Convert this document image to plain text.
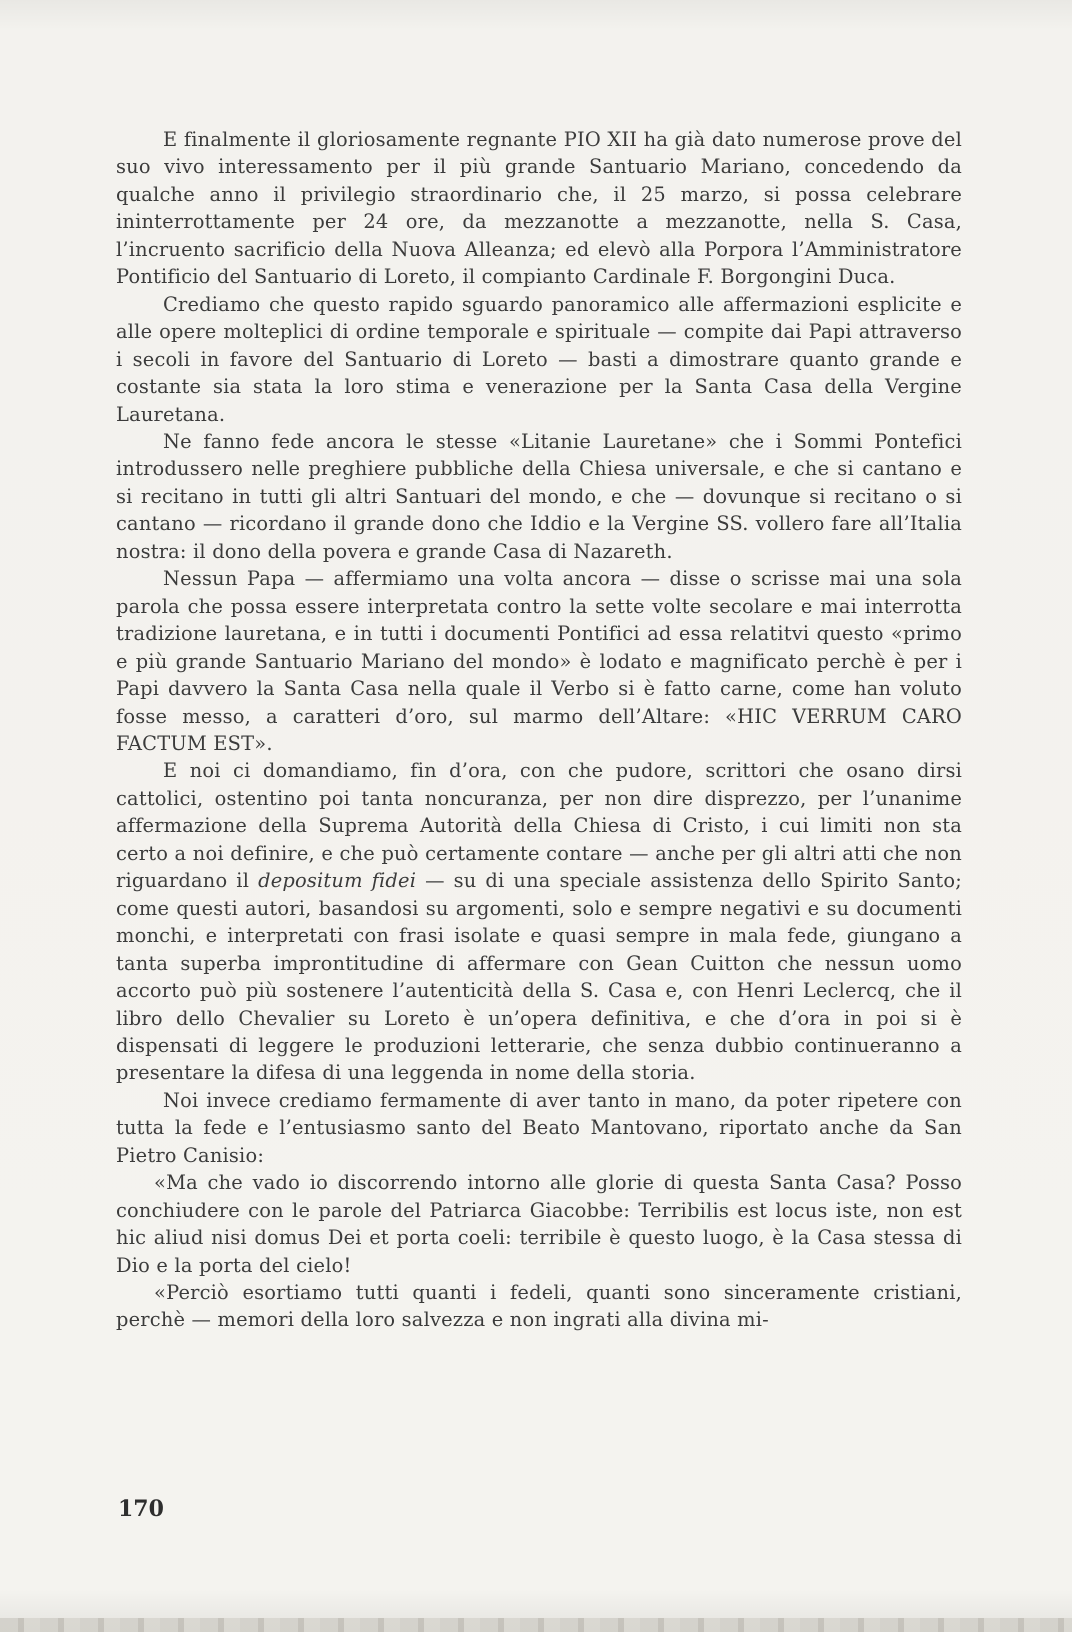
E finalmente il gloriosamente regnante PIO XII ha già dato numerose prove del suo vivo interessamento per il più grande Santuario Mariano, concedendo da qualche anno il privilegio straordinario che, il 25 marzo, si possa celebrare ininterrottamente per 24 ore, da mezzanotte a mezzanotte, nella S. Casa, l’incruento sacrificio della Nuova Alleanza; ed elevò alla Porpora l’Amministratore Pontificio del Santuario di Loreto, il compianto Cardinale F. Borgongini Duca.

Crediamo che questo rapido sguardo panoramico alle affermazioni esplicite e alle opere molteplici di ordine temporale e spirituale — compite dai Papi attraverso i secoli in favore del Santuario di Loreto — basti a dimostrare quanto grande e costante sia stata la loro stima e venerazione per la Santa Casa della Vergine Lauretana.

Ne fanno fede ancora le stesse «Litanie Lauretane» che i Sommi Pontefici introdussero nelle preghiere pubbliche della Chiesa universale, e che si cantano e si recitano in tutti gli altri Santuari del mondo, e che — dovunque si recitano o si cantano — ricordano il grande dono che Iddio e la Vergine SS. vollero fare all’Italia nostra: il dono della povera e grande Casa di Nazareth.

Nessun Papa — affermiamo una volta ancora — disse o scrisse mai una sola parola che possa essere interpretata contro la sette volte secolare e mai interrotta tradizione lauretana, e in tutti i documenti Pontifici ad essa relatitvi questo «primo e più grande Santuario Mariano del mondo» è lodato e magnificato perchè è per i Papi davvero la Santa Casa nella quale il Verbo si è fatto carne, come han voluto fosse messo, a caratteri d’oro, sul marmo dell’Altare: «HIC VERRUM CARO FACTUM EST».

E noi ci domandiamo, fin d’ora, con che pudore, scrittori che osano dirsi cattolici, ostentino poi tanta noncuranza, per non dire disprezzo, per l’unanime affermazione della Suprema Autorità della Chiesa di Cristo, i cui limiti non sta certo a noi definire, e che può certamente contare — anche per gli altri atti che non riguardano il depositum fidei — su di una speciale assistenza dello Spirito Santo; come questi autori, basandosi su argomenti, solo e sempre negativi e su documenti monchi, e interpretati con frasi isolate e quasi sempre in mala fede, giungano a tanta superba improntitudine di affermare con Gean Cuitton che nessun uomo accorto può più sostenere l’autenticità della S. Casa e, con Henri Leclercq, che il libro dello Chevalier su Loreto è un’opera definitiva, e che d’ora in poi si è dispensati di leggere le produzioni letterarie, che senza dubbio continueranno a presentare la difesa di una leggenda in nome della storia.

Noi invece crediamo fermamente di aver tanto in mano, da poter ripetere con tutta la fede e l’entusiasmo santo del Beato Mantovano, riportato anche da San Pietro Canisio:

«Ma che vado io discorrendo intorno alle glorie di questa Santa Casa? Posso conchiudere con le parole del Patriarca Giacobbe: Terribilis est locus iste, non est hic aliud nisi domus Dei et porta coeli: terribile è questo luogo, è la Casa stessa di Dio e la porta del cielo!

«Perciò esortiamo tutti quanti i fedeli, quanti sono sinceramente cristiani, perchè — memori della loro salvezza e non ingrati alla divina mi-

170
